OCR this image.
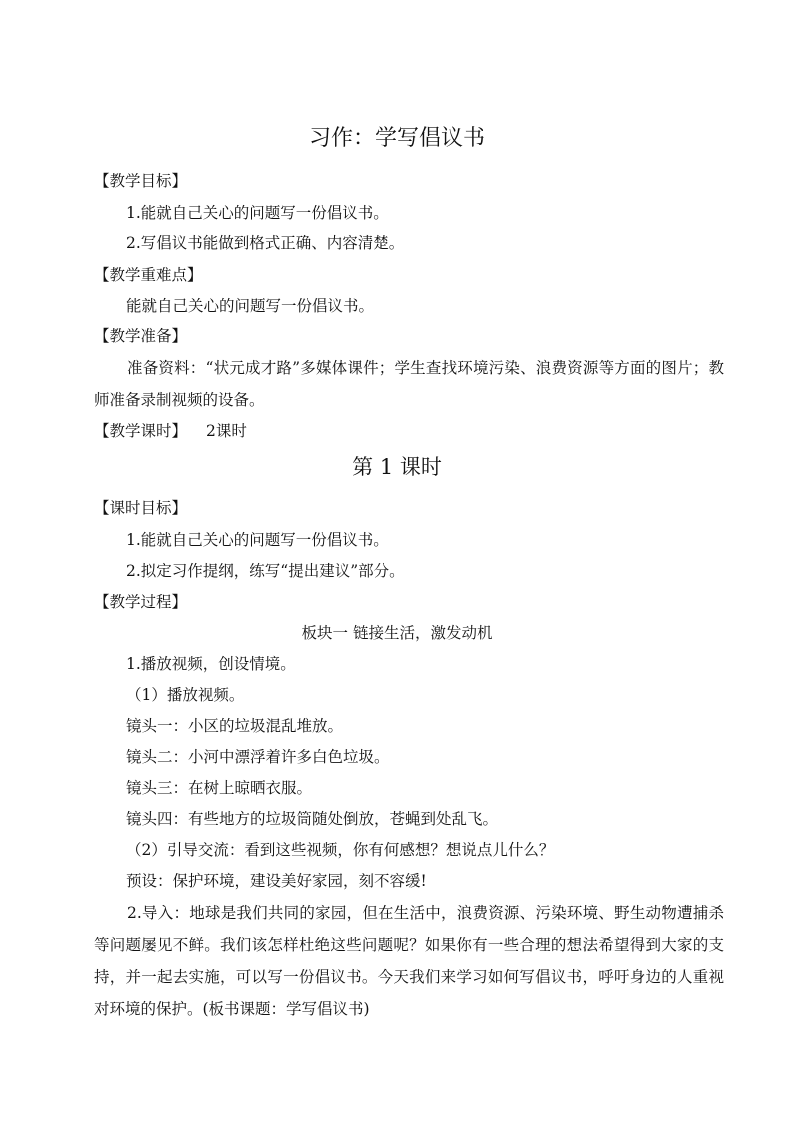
习作：学写倡议书
【教学目标】
1.能就自己关心的问题写一份倡议书。
2.写倡议书能做到格式正确、内容清楚。
【教学重难点】
能就自己关心的问题写一份倡议书。
【教学准备】
准备资料：“状元成才路”多媒体课件；学生查找环境污染、浪费资源等方面的图片；教师准备录制视频的设备。
【教学课时】 2课时
第 1 课时
【课时目标】
1.能就自己关心的问题写一份倡议书。
2.拟定习作提纲，练写“提出建议”部分。
【教学过程】
板块一 链接生活，激发动机
1.播放视频，创设情境。
（1）播放视频。
镜头一：小区的垃圾混乱堆放。
镜头二：小河中漂浮着许多白色垃圾。
镜头三：在树上晾晒衣服。
镜头四：有些地方的垃圾筒随处倒放，苍蝇到处乱飞。
（2）引导交流：看到这些视频，你有何感想？想说点儿什么？
预设：保护环境，建设美好家园，刻不容缓!
2.导入：地球是我们共同的家园，但在生活中，浪费资源、污染环境、野生动物遭捕杀等问题屡见不鲜。我们该怎样杜绝这些问题呢？如果你有一些合理的想法希望得到大家的支持，并一起去实施，可以写一份倡议书。今天我们来学习如何写倡议书，呼吁身边的人重视对环境的保护。(板书课题：学写倡议书)
